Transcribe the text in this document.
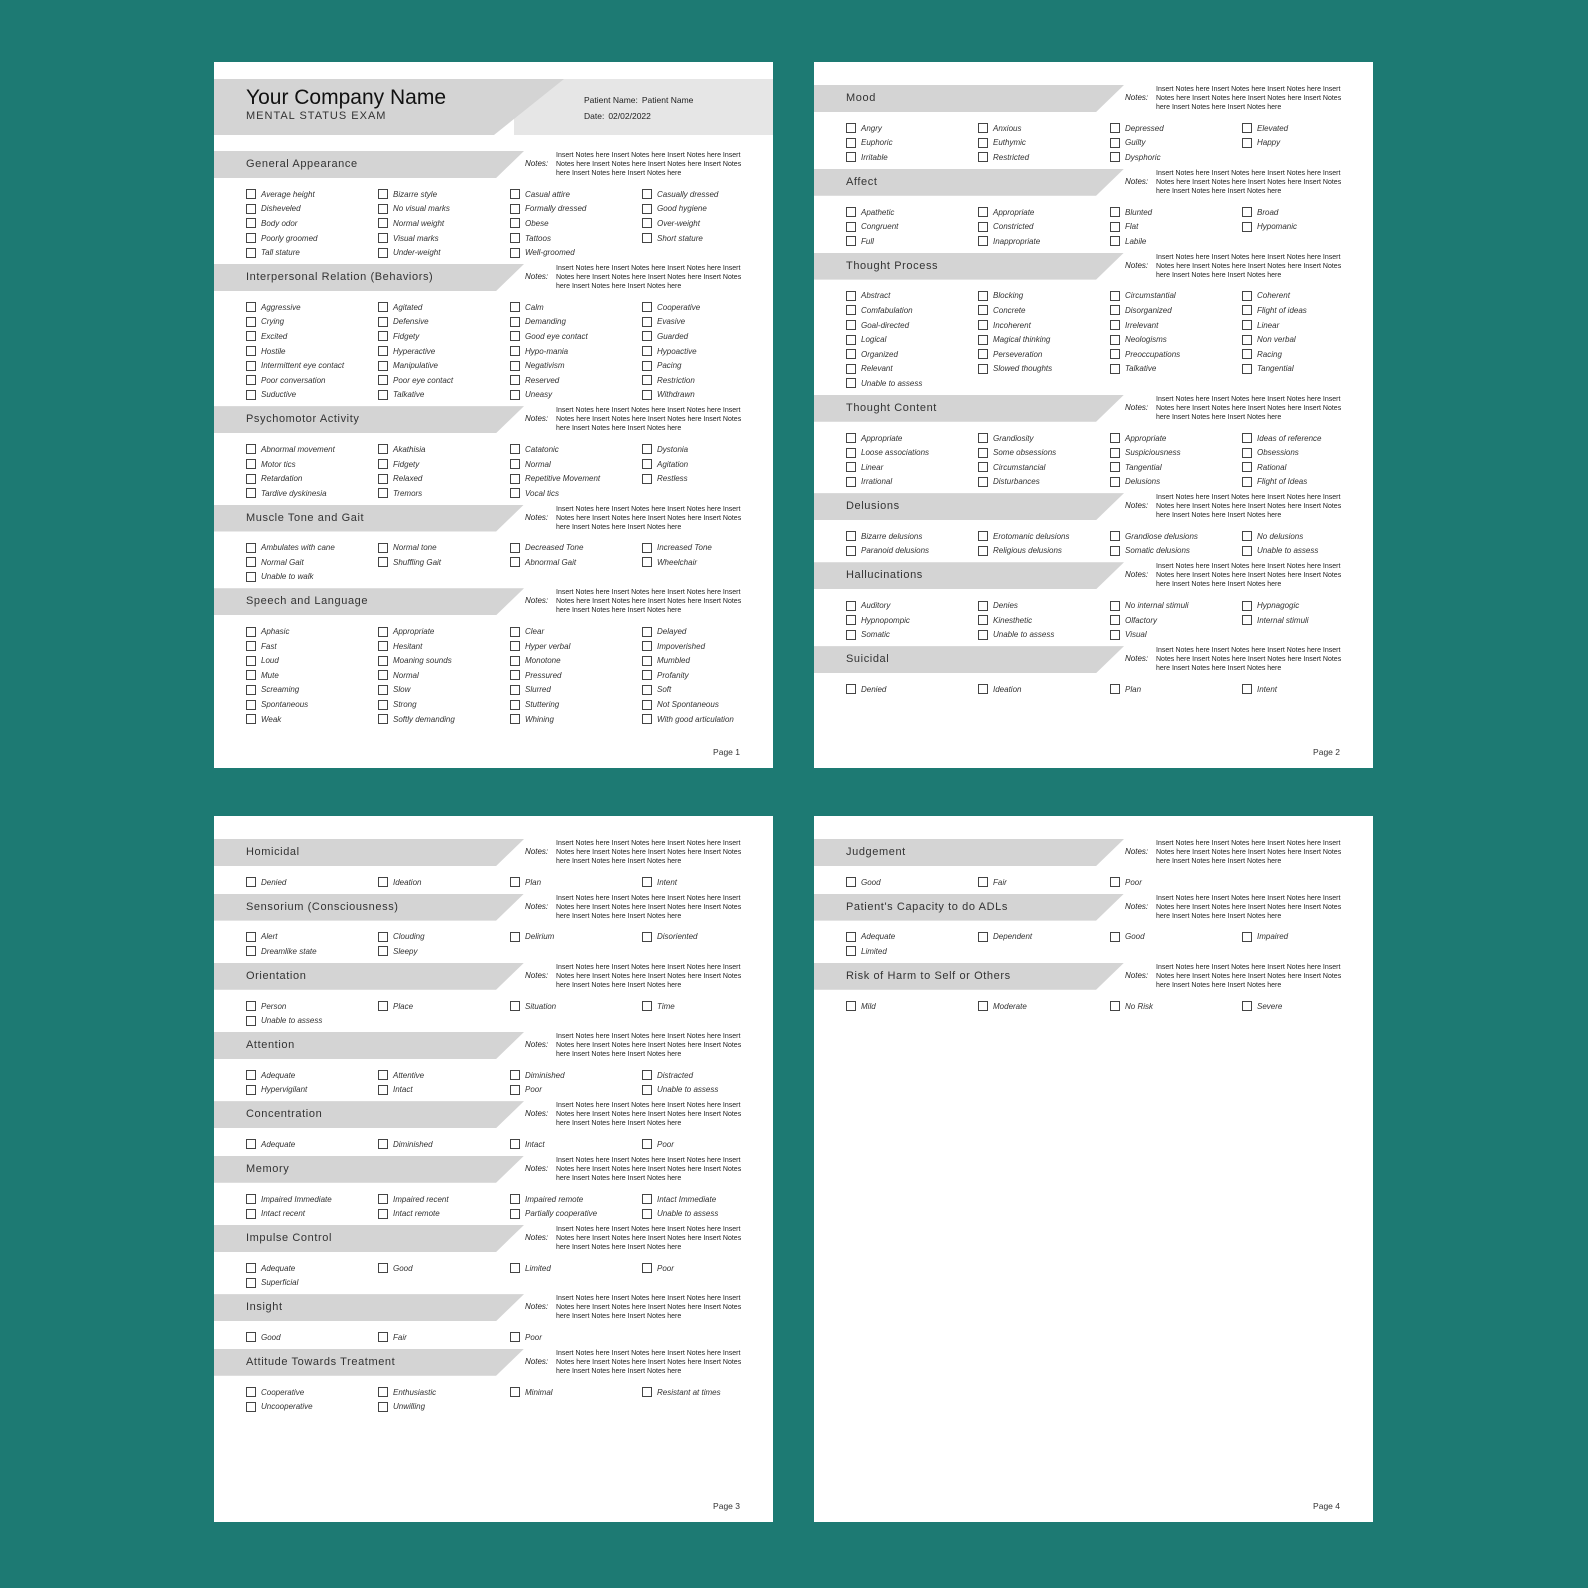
Your Company Name
MENTAL STATUS EXAM
Patient Name: Patient Name
Date: 02/02/2022
General Appearance	Notes:
Insert Notes here Insert Notes here Insert Notes here Insert Notes here Insert Notes here Insert Notes here Insert Notes here Insert Notes here Insert Notes here
Average height	Bizarre style	Casual attire	Casually dressed
Disheveled	No visual marks	Formally dressed	Good hygiene
Body odor	Normal weight	Obese	Over-weight
Poorly groomed	Visual marks	Tattoos	Short stature
Tall stature	Under-weight	Well-groomed
Interpersonal Relation (Behaviors)	Notes:
Insert Notes here Insert Notes here Insert Notes here Insert Notes here Insert Notes here Insert Notes here Insert Notes here Insert Notes here Insert Notes here
Aggressive	Agitated	Calm	Cooperative
Crying	Defensive	Demanding	Evasive
Excited	Fidgety	Good eye contact	Guarded
Hostile	Hyperactive	Hypo-mania	Hypoactive
Intermittent eye contact	Manipulative	Negativism	Pacing
Poor conversation	Poor eye contact	Reserved	Restriction
Suductive	Talkative	Uneasy	Withdrawn
Psychomotor Activity	Notes:
Insert Notes here Insert Notes here Insert Notes here Insert Notes here Insert Notes here Insert Notes here Insert Notes here Insert Notes here Insert Notes here
Abnormal movement	Akathisia	Catatonic	Dystonia
Motor tics	Fidgety	Normal	Agitation
Retardation	Relaxed	Repetitive Movement	Restless
Tardive dyskinesia	Tremors	Vocal tics
Muscle Tone and Gait	Notes:
Insert Notes here Insert Notes here Insert Notes here Insert Notes here Insert Notes here Insert Notes here Insert Notes here Insert Notes here Insert Notes here
Ambulates with cane	Normal tone	Decreased Tone	Increased Tone
Normal Gait	Shuffling Gait	Abnormal Gait	Wheelchair
Unable to walk
Speech and Language	Notes:
Insert Notes here Insert Notes here Insert Notes here Insert Notes here Insert Notes here Insert Notes here Insert Notes here Insert Notes here Insert Notes here
Aphasic	Appropriate	Clear	Delayed
Fast	Hesitant	Hyper verbal	Impoverished
Loud	Moaning sounds	Monotone	Mumbled
Mute	Normal	Pressured	Profanity
Screaming	Slow	Slurred	Soft
Spontaneous	Strong	Stuttering	Not Spontaneous
Weak	Softly demanding	Whining	With good articulation
Page 1
Mood	Notes:
Insert Notes here Insert Notes here Insert Notes here Insert Notes here Insert Notes here Insert Notes here Insert Notes here Insert Notes here Insert Notes here
Angry	Anxious	Depressed	Elevated
Euphoric	Euthymic	Guilty	Happy
Irritable	Restricted	Dysphoric
Affect	Notes:
Insert Notes here Insert Notes here Insert Notes here Insert Notes here Insert Notes here Insert Notes here Insert Notes here Insert Notes here Insert Notes here
Apathetic	Appropriate	Blunted	Broad
Congruent	Constricted	Flat	Hypomanic
Full	Inappropriate	Labile
Thought Process	Notes:
Insert Notes here Insert Notes here Insert Notes here Insert Notes here Insert Notes here Insert Notes here Insert Notes here Insert Notes here Insert Notes here
Abstract	Blocking	Circumstantial	Coherent
Comfabulation	Concrete	Disorganized	Flight of ideas
Goal-directed	Incoherent	Irrelevant	Linear
Logical	Magical thinking	Neologisms	Non verbal
Organized	Perseveration	Preoccupations	Racing
Relevant	Slowed thoughts	Talkative	Tangential
Unable to assess
Thought Content	Notes:
Insert Notes here Insert Notes here Insert Notes here Insert Notes here Insert Notes here Insert Notes here Insert Notes here Insert Notes here Insert Notes here
Appropriate	Grandiosity	Appropriate	Ideas of reference
Loose associations	Some obsessions	Suspiciousness	Obsessions
Linear	Circumstancial	Tangential	Rational
Irrational	Disturbances	Delusions	Flight of Ideas
Delusions	Notes:
Insert Notes here Insert Notes here Insert Notes here Insert Notes here Insert Notes here Insert Notes here Insert Notes here Insert Notes here Insert Notes here
Bizarre delusions	Erotomanic delusions	Grandiose delusions	No delusions
Paranoid delusions	Religious delusions	Somatic delusions	Unable to assess
Hallucinations	Notes:
Insert Notes here Insert Notes here Insert Notes here Insert Notes here Insert Notes here Insert Notes here Insert Notes here Insert Notes here Insert Notes here
Auditory	Denies	No internal stimuli	Hypnagogic
Hypnopompic	Kinesthetic	Olfactory	Internal stimuli
Somatic	Unable to assess	Visual
Suicidal	Notes:
Insert Notes here Insert Notes here Insert Notes here Insert Notes here Insert Notes here Insert Notes here Insert Notes here Insert Notes here Insert Notes here
Denied	Ideation	Plan	Intent
Page 2
Homicidal	Notes:
Insert Notes here Insert Notes here Insert Notes here Insert Notes here Insert Notes here Insert Notes here Insert Notes here Insert Notes here Insert Notes here
Denied	Ideation	Plan	Intent
Sensorium (Consciousness)	Notes:
Insert Notes here Insert Notes here Insert Notes here Insert Notes here Insert Notes here Insert Notes here Insert Notes here Insert Notes here Insert Notes here
Alert	Clouding	Delirium	Disoriented
Dreamlike state	Sleepy
Orientation	Notes:
Insert Notes here Insert Notes here Insert Notes here Insert Notes here Insert Notes here Insert Notes here Insert Notes here Insert Notes here Insert Notes here
Person	Place	Situation	Time
Unable to assess
Attention	Notes:
Insert Notes here Insert Notes here Insert Notes here Insert Notes here Insert Notes here Insert Notes here Insert Notes here Insert Notes here Insert Notes here
Adequate	Attentive	Diminished	Distracted
Hypervigilant	Intact	Poor	Unable to assess
Concentration	Notes:
Insert Notes here Insert Notes here Insert Notes here Insert Notes here Insert Notes here Insert Notes here Insert Notes here Insert Notes here Insert Notes here
Adequate	Diminished	Intact	Poor
Memory	Notes:
Insert Notes here Insert Notes here Insert Notes here Insert Notes here Insert Notes here Insert Notes here Insert Notes here Insert Notes here Insert Notes here
Impaired Immediate	Impaired recent	Impaired remote	Intact Immediate
Intact recent	Intact remote	Partially cooperative	Unable to assess
Impulse Control	Notes:
Insert Notes here Insert Notes here Insert Notes here Insert Notes here Insert Notes here Insert Notes here Insert Notes here Insert Notes here Insert Notes here
Adequate	Good	Limited	Poor
Superficial
Insight	Notes:
Insert Notes here Insert Notes here Insert Notes here Insert Notes here Insert Notes here Insert Notes here Insert Notes here Insert Notes here Insert Notes here
Good	Fair	Poor
Attitude Towards Treatment	Notes:
Insert Notes here Insert Notes here Insert Notes here Insert Notes here Insert Notes here Insert Notes here Insert Notes here Insert Notes here Insert Notes here
Cooperative	Enthusiastic	Minimal	Resistant at times
Uncooperative	Unwilling
Page 3
Judgement	Notes:
Insert Notes here Insert Notes here Insert Notes here Insert Notes here Insert Notes here Insert Notes here Insert Notes here Insert Notes here Insert Notes here
Good	Fair	Poor
Patient's Capacity to do ADLs	Notes:
Insert Notes here Insert Notes here Insert Notes here Insert Notes here Insert Notes here Insert Notes here Insert Notes here Insert Notes here Insert Notes here
Adequate	Dependent	Good	Impaired
Limited
Risk of Harm to Self or Others	Notes:
Insert Notes here Insert Notes here Insert Notes here Insert Notes here Insert Notes here Insert Notes here Insert Notes here Insert Notes here Insert Notes here
Mild	Moderate	No Risk	Severe
Page 4
